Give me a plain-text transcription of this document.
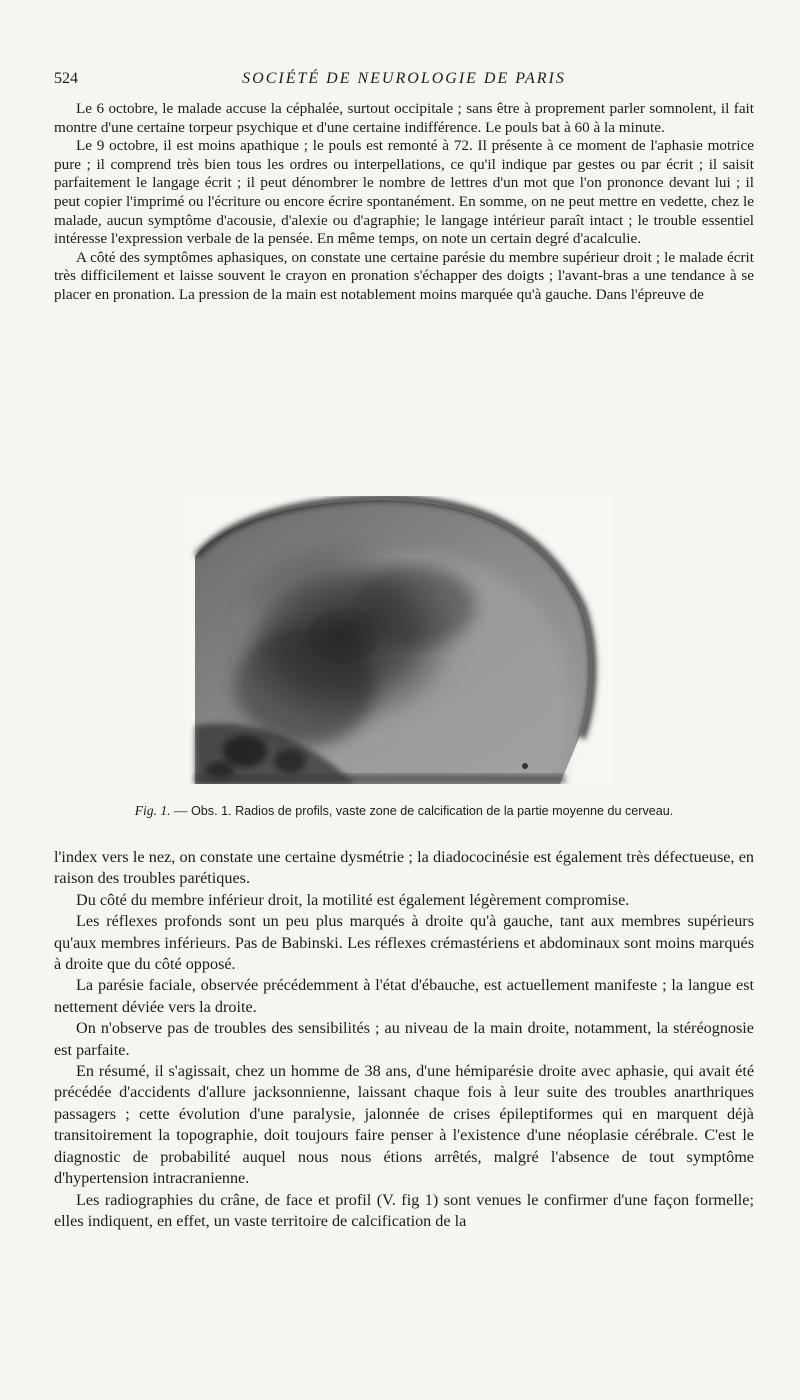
524	SOCIÉTÉ DE NEUROLOGIE DE PARIS

Le 6 octobre, le malade accuse la céphalée, surtout occipitale ; sans être à proprement parler somnolent, il fait montre d'une certaine torpeur psychique et d'une certaine indifférence. Le pouls bat à 60 à la minute.

Le 9 octobre, il est moins apathique ; le pouls est remonté à 72. Il présente à ce moment de l'aphasie motrice pure ; il comprend très bien tous les ordres ou interpellations, ce qu'il indique par gestes ou par écrit ; il saisit parfaitement le langage écrit ; il peut dénombrer le nombre de lettres d'un mot que l'on prononce devant lui ; il peut copier l'imprimé ou l'écriture ou encore écrire spontanément. En somme, on ne peut mettre en vedette, chez le malade, aucun symptôme d'acousie, d'alexie ou d'agraphie; le langage intérieur paraît intact ; le trouble essentiel intéresse l'expression verbale de la pensée. En même temps, on note un certain degré d'acalculie.

A côté des symptômes aphasiques, on constate une certaine parésie du membre supérieur droit ; le malade écrit très difficilement et laisse souvent le crayon en pronation s'échapper des doigts ; l'avant-bras a une tendance à se placer en pronation. La pression de la main est notablement moins marquée qu'à gauche. Dans l'épreuve de

Fig. 1. — Obs. 1. Radios de profils, vaste zone de calcification de la partie moyenne du cerveau.

l'index vers le nez, on constate une certaine dysmétrie ; la diadococinésie est également très défectueuse, en raison des troubles parétiques.

Du côté du membre inférieur droit, la motilité est également légèrement compromise.

Les réflexes profonds sont un peu plus marqués à droite qu'à gauche, tant aux membres supérieurs qu'aux membres inférieurs. Pas de Babinski. Les réflexes crémastériens et abdominaux sont moins marqués à droite que du côté opposé.

La parésie faciale, observée précédemment à l'état d'ébauche, est actuellement manifeste ; la langue est nettement déviée vers la droite.

On n'observe pas de troubles des sensibilités ; au niveau de la main droite, notamment, la stéréognosie est parfaite.

En résumé, il s'agissait, chez un homme de 38 ans, d'une hémiparésie droite avec aphasie, qui avait été précédée d'accidents d'allure jacksonnienne, laissant chaque fois à leur suite des troubles anarthriques passagers ; cette évolution d'une paralysie, jalonnée de crises épileptiformes qui en marquent déjà transitoirement la topographie, doit toujours faire penser à l'existence d'une néoplasie cérébrale. C'est le diagnostic de probabilité auquel nous nous étions arrêtés, malgré l'absence de tout symptôme d'hypertension intracranienne.

Les radiographies du crâne, de face et profil (V. fig 1) sont venues le confirmer d'une façon formelle; elles indiquent, en effet, un vaste territoire de calcification de la
